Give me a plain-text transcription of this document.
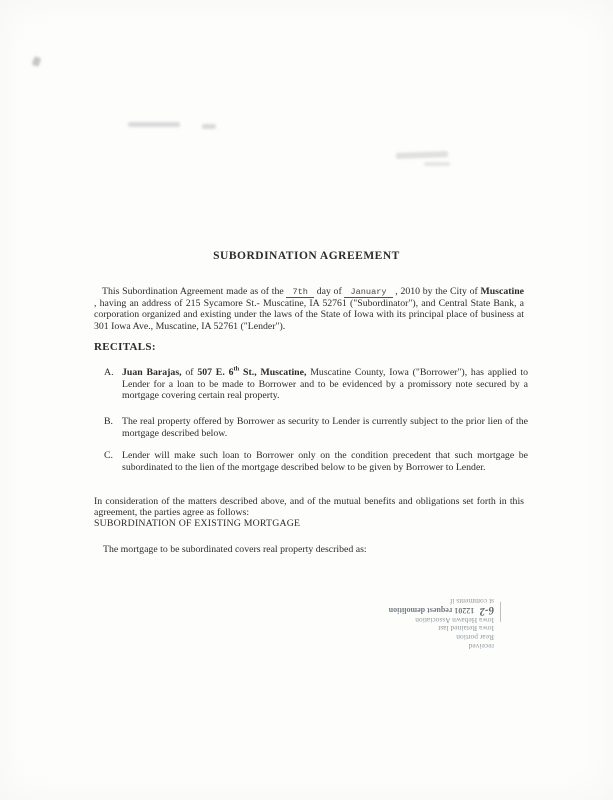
SUBORDINATION AGREEMENT

This Subordination Agreement made as of the 7th day of January , 2010 by the City of Muscatine , having an address of 215 Sycamore St.- Muscatine, IA 52761 ("Subordinator"), and Central State Bank, a corporation organized and existing under the laws of the State of Iowa with its principal place of business at 301 Iowa Ave., Muscatine, IA 52761 ("Lender").

RECITALS:
A. Juan Barajas, of 507 E. 6th St., Muscatine, Muscatine County, Iowa ("Borrower"), has applied to Lender for a loan to be made to Borrower and to be evidenced by a promissory note secured by a mortgage covering certain real property.
B. The real property offered by Borrower as security to Lender is currently subject to the prior lien of the mortgage described below.
C. Lender will make such loan to Borrower only on the condition precedent that such mortgage be subordinated to the lien of the mortgage described below to be given by Borrower to Lender.

In consideration of the matters described above, and of the mutual benefits and obligations set forth in this agreement, the parties agree as follows:

SUBORDINATION OF EXISTING MORTGAGE
The mortgage to be subordinated covers real property described as:
received
Rear portion
Iowa Retained last
Iowa Hebawn Association
6-212201 request demolition
st comments if
